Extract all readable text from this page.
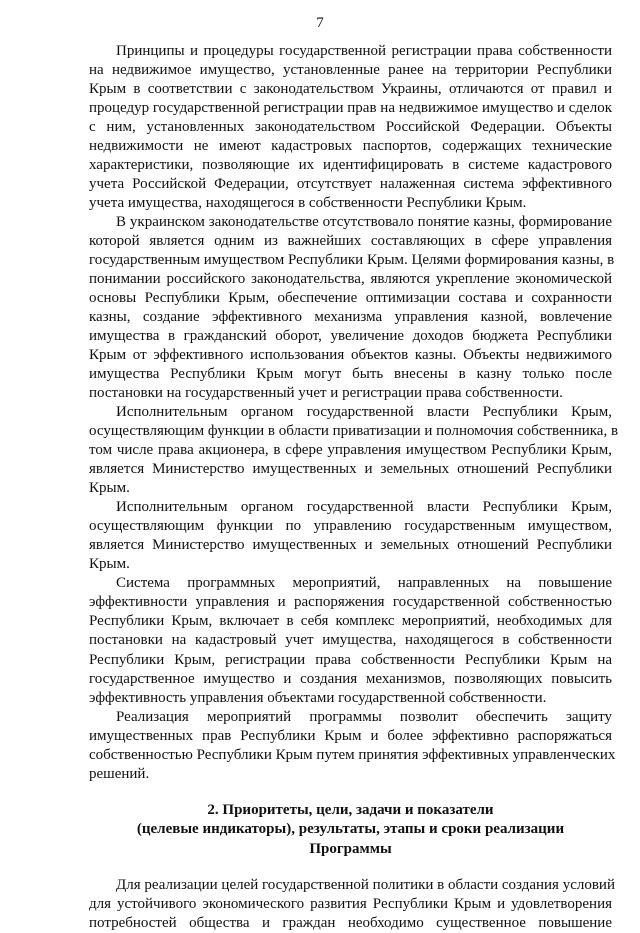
7
Принципы и процедуры государственной регистрации права собственности
на недвижимое имущество, установленные ранее на территории Республики
Крым в соответствии с законодательством Украины, отличаются от правил и
процедур государственной регистрации прав на недвижимое имущество и сделок
с ним, установленных законодательством Российской Федерации. Объекты
недвижимости не имеют кадастровых паспортов, содержащих технические
характеристики, позволяющие их идентифицировать в системе кадастрового
учета Российской Федерации, отсутствует налаженная система эффективного
учета имущества, находящегося в собственности Республики Крым.
В украинском законодательстве отсутствовало понятие казны, формирование
которой является одним из важнейших составляющих в сфере управления
государственным имуществом Республики Крым. Целями формирования казны, в
понимании российского законодательства, являются укрепление экономической
основы Республики Крым, обеспечение оптимизации состава и сохранности
казны, создание эффективного механизма управления казной, вовлечение
имущества в гражданский оборот, увеличение доходов бюджета Республики
Крым от эффективного использования объектов казны. Объекты недвижимого
имущества Республики Крым могут быть внесены в казну только после
постановки на государственный учет и регистрации права собственности.
Исполнительным органом государственной власти Республики Крым,
осуществляющим функции в области приватизации и полномочия собственника, в
том числе права акционера, в сфере управления имуществом Республики Крым,
является Министерство имущественных и земельных отношений Республики
Крым.
Исполнительным органом государственной власти Республики Крым,
осуществляющим функции по управлению государственным имуществом,
является Министерство имущественных и земельных отношений Республики
Крым.
Система программных мероприятий, направленных на повышение
эффективности управления и распоряжения государственной собственностью
Республики Крым, включает в себя комплекс мероприятий, необходимых для
постановки на кадастровый учет имущества, находящегося в собственности
Республики Крым, регистрации права собственности Республики Крым на
государственное имущество и создания механизмов, позволяющих повысить
эффективность управления объектами государственной собственности.
Реализация мероприятий программы позволит обеспечить защиту
имущественных прав Республики Крым и более эффективно распоряжаться
собственностью Республики Крым путем принятия эффективных управленческих
решений.
2. Приоритеты, цели, задачи и показатели
(целевые индикаторы), результаты, этапы и сроки реализации
Программы
Для реализации целей государственной политики в области создания условий
для устойчивого экономического развития Республики Крым и удовлетворения
потребностей общества и граждан необходимо существенное повышение
